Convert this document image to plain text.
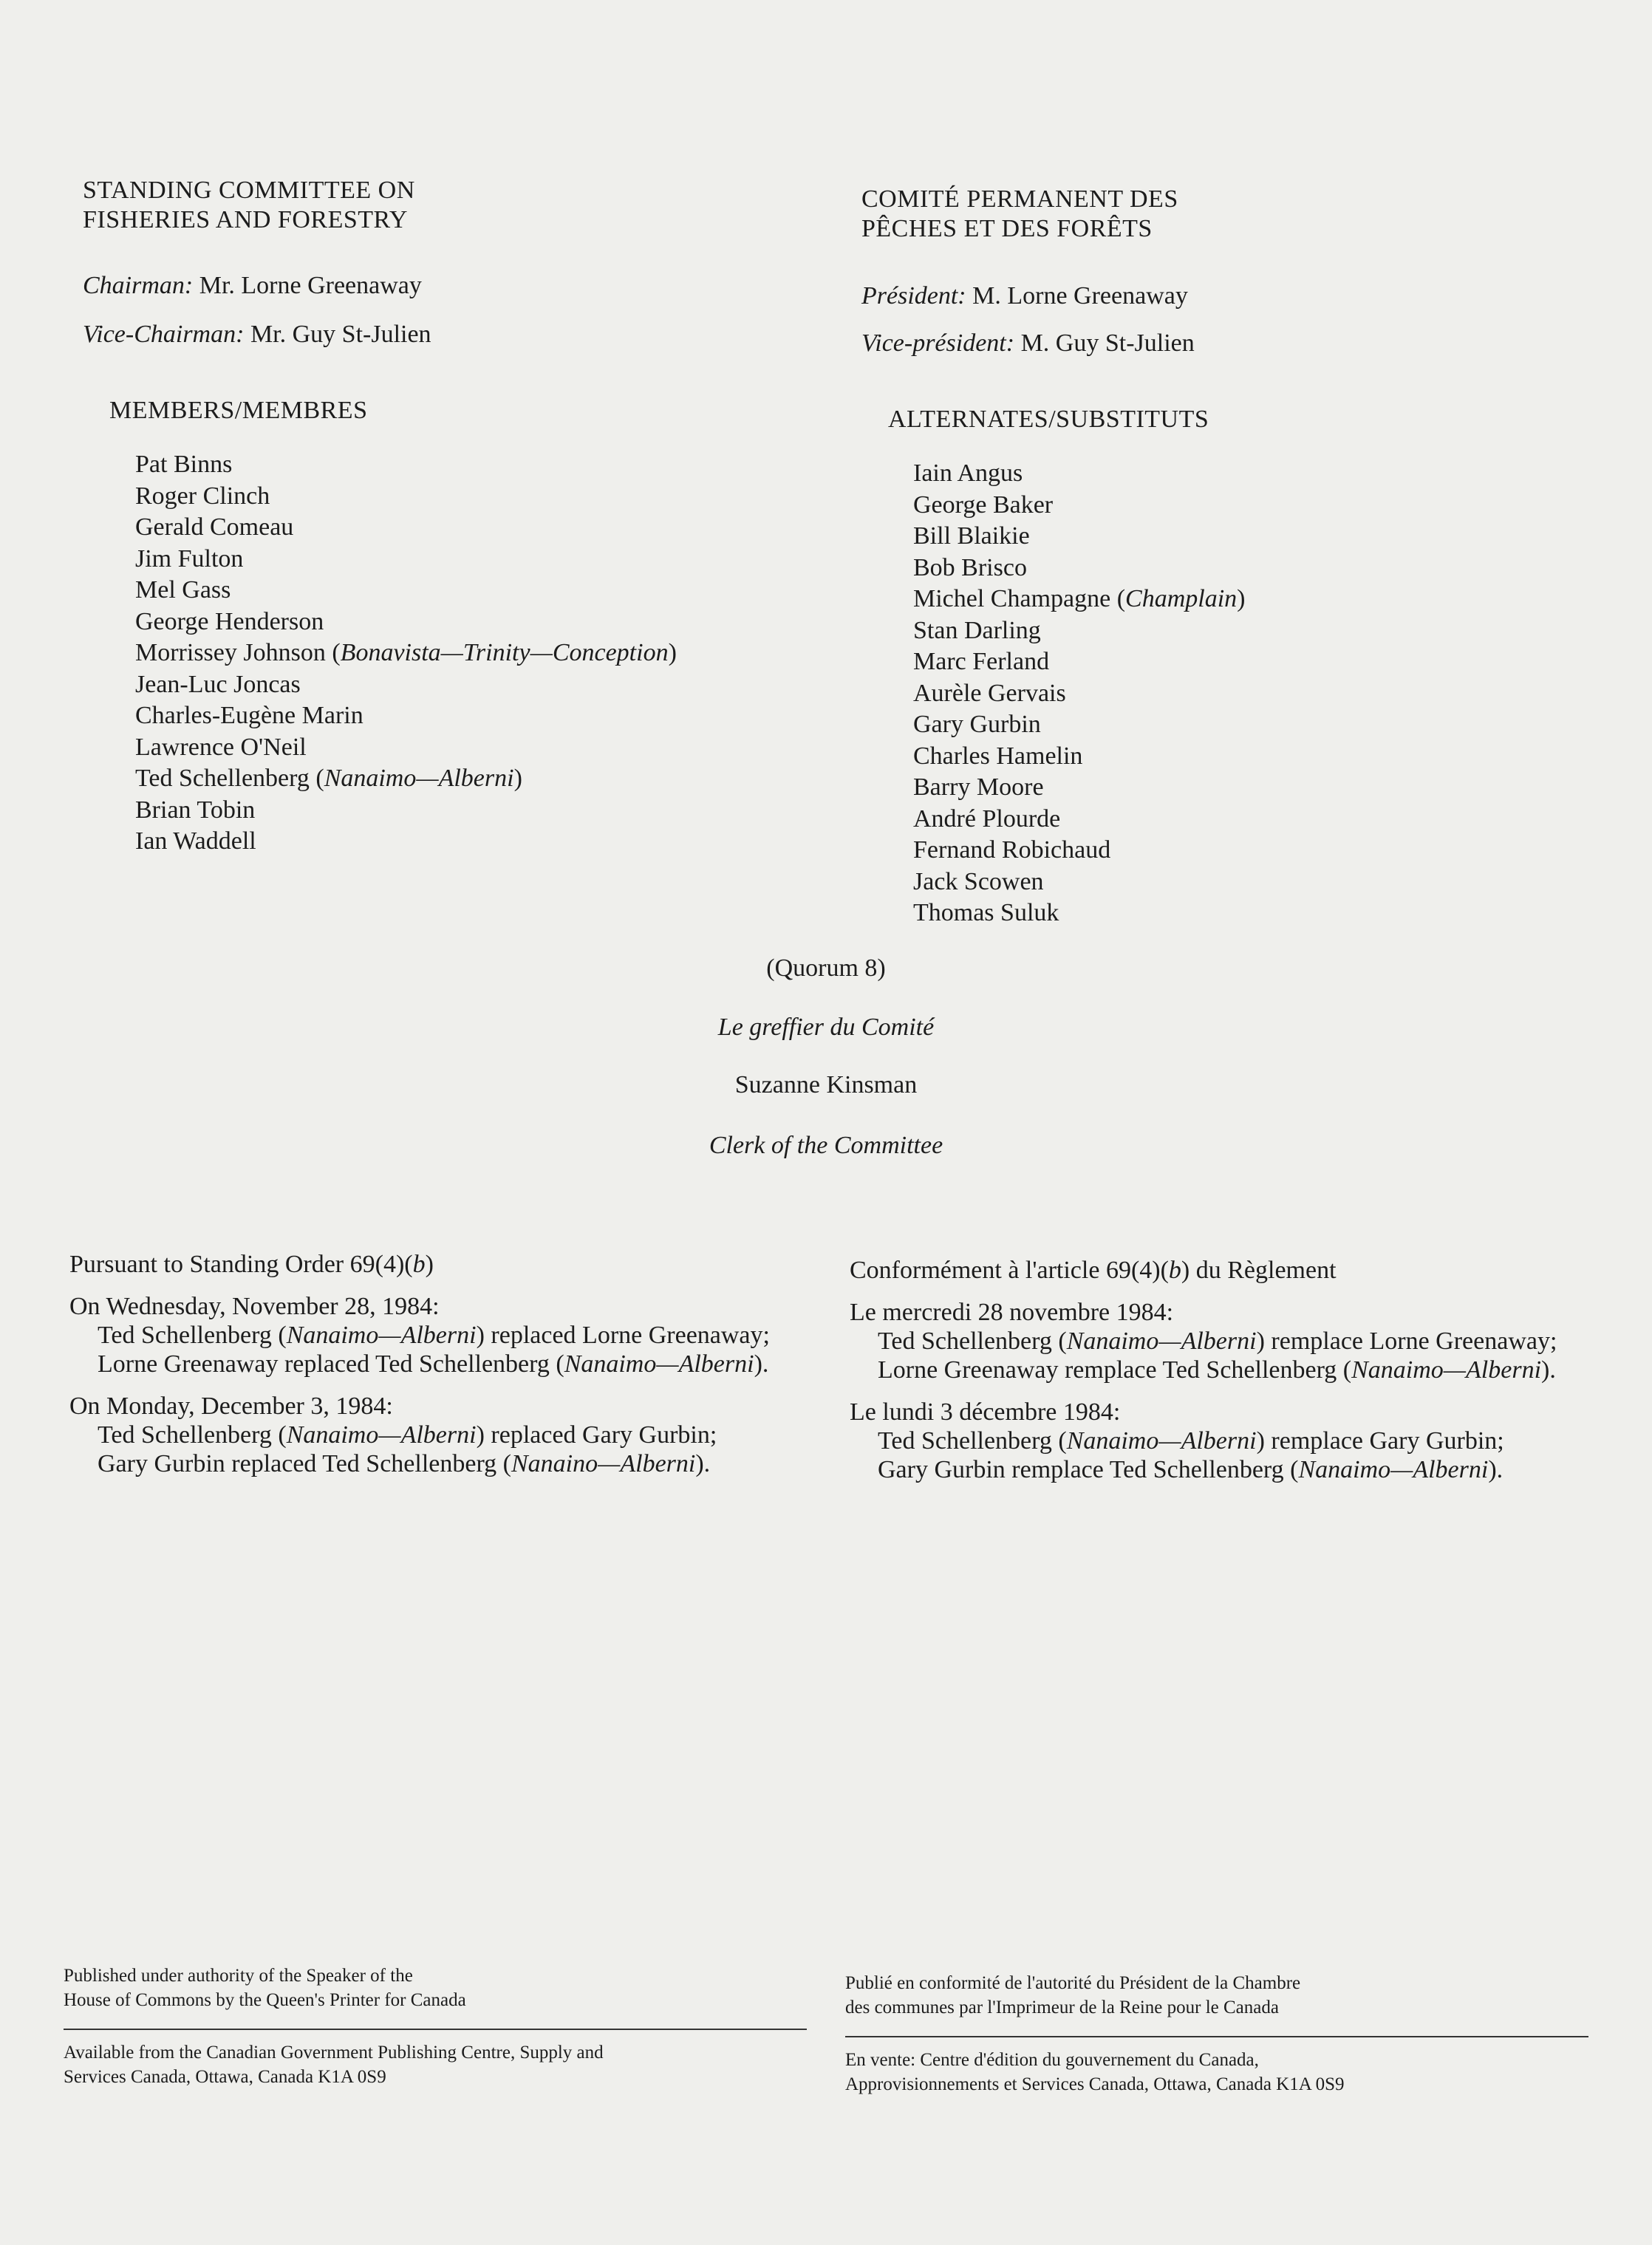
STANDING COMMITTEE ON
FISHERIES AND FORESTRY
Chairman: Mr. Lorne Greenaway
Vice-Chairman: Mr. Guy St-Julien
MEMBERS/MEMBRES
Pat Binns
Roger Clinch
Gerald Comeau
Jim Fulton
Mel Gass
George Henderson
Morrissey Johnson (Bonavista—Trinity—Conception)
Jean-Luc Joncas
Charles-Eugène Marin
Lawrence O'Neil
Ted Schellenberg (Nanaimo—Alberni)
Brian Tobin
Ian Waddell
COMITÉ PERMANENT DES
PÊCHES ET DES FORÊTS
Président: M. Lorne Greenaway
Vice-président: M. Guy St-Julien
ALTERNATES/SUBSTITUTS
Iain Angus
George Baker
Bill Blaikie
Bob Brisco
Michel Champagne (Champlain)
Stan Darling
Marc Ferland
Aurèle Gervais
Gary Gurbin
Charles Hamelin
Barry Moore
André Plourde
Fernand Robichaud
Jack Scowen
Thomas Suluk
(Quorum 8)
Le greffier du Comité
Suzanne Kinsman
Clerk of the Committee
Pursuant to Standing Order 69(4)(b)
On Wednesday, November 28, 1984:
Ted Schellenberg (Nanaimo—Alberni) replaced Lorne Greenaway;
Lorne Greenaway replaced Ted Schellenberg (Nanaimo—Alberni).
On Monday, December 3, 1984:
Ted Schellenberg (Nanaimo—Alberni) replaced Gary Gurbin;
Gary Gurbin replaced Ted Schellenberg (Nanaino—Alberni).
Conformément à l'article 69(4)(b) du Règlement
Le mercredi 28 novembre 1984:
Ted Schellenberg (Nanaimo—Alberni) remplace Lorne Greenaway;
Lorne Greenaway remplace Ted Schellenberg (Nanaimo—Alberni).
Le lundi 3 décembre 1984:
Ted Schellenberg (Nanaimo—Alberni) remplace Gary Gurbin;
Gary Gurbin remplace Ted Schellenberg (Nanaimo—Alberni).
Published under authority of the Speaker of the
House of Commons by the Queen's Printer for Canada
Available from the Canadian Government Publishing Centre, Supply and
Services Canada, Ottawa, Canada K1A 0S9
Publié en conformité de l'autorité du Président de la Chambre
des communes par l'Imprimeur de la Reine pour le Canada
En vente: Centre d'édition du gouvernement du Canada,
Approvisionnements et Services Canada, Ottawa, Canada K1A 0S9
